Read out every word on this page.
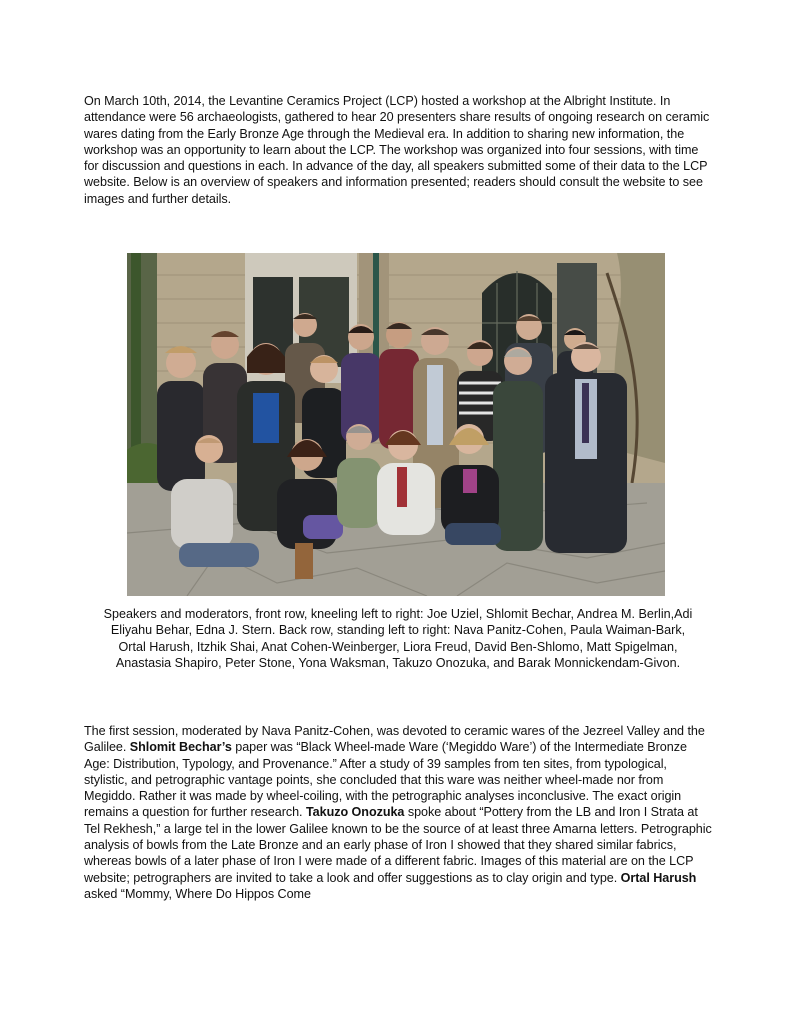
On March 10th, 2014, the Levantine Ceramics Project (LCP) hosted a workshop at the Albright Institute. In attendance were 56 archaeologists, gathered to hear 20 presenters share results of ongoing research on ceramic wares dating from the Early Bronze Age through the Medieval era. In addition to sharing new information, the workshop was an opportunity to learn about the LCP. The workshop was organized into four sessions, with time for discussion and questions in each. In advance of the day, all speakers submitted some of their data to the LCP website. Below is an overview of speakers and information presented; readers should consult the website to see images and further details.

Speakers and moderators, front row, kneeling left to right: Joe Uziel, Shlomit Bechar, Andrea M. Berlin,Adi Eliyahu Behar, Edna J. Stern. Back row, standing left to right: Nava Panitz-Cohen, Paula Waiman-Bark, Ortal Harush, Itzhik Shai, Anat Cohen-Weinberger, Liora Freud, David Ben-Shlomo, Matt Spigelman, Anastasia Shapiro, Peter Stone, Yona Waksman, Takuzo Onozuka, and Barak Monnickendam-Givon.

The first session, moderated by Nava Panitz-Cohen, was devoted to ceramic wares of the Jezreel Valley and the Galilee. Shlomit Bechar’s paper was “Black Wheel-made Ware (‘Megiddo Ware’) of the Intermediate Bronze Age: Distribution, Typology, and Provenance.” After a study of 39 samples from ten sites, from typological, stylistic, and petrographic vantage points, she concluded that this ware was neither wheel-made nor from Megiddo. Rather it was made by wheel-coiling, with the petrographic analyses inconclusive. The exact origin remains a question for further research. Takuzo Onozuka spoke about “Pottery from the LB and Iron I Strata at Tel Rekhesh,” a large tel in the lower Galilee known to be the source of at least three Amarna letters. Petrographic analysis of bowls from the Late Bronze and an early phase of Iron I showed that they shared similar fabrics, whereas bowls of a later phase of Iron I were made of a different fabric. Images of this material are on the LCP website; petrographers are invited to take a look and offer suggestions as to clay origin and type. Ortal Harush asked “Mommy, Where Do Hippos Come
